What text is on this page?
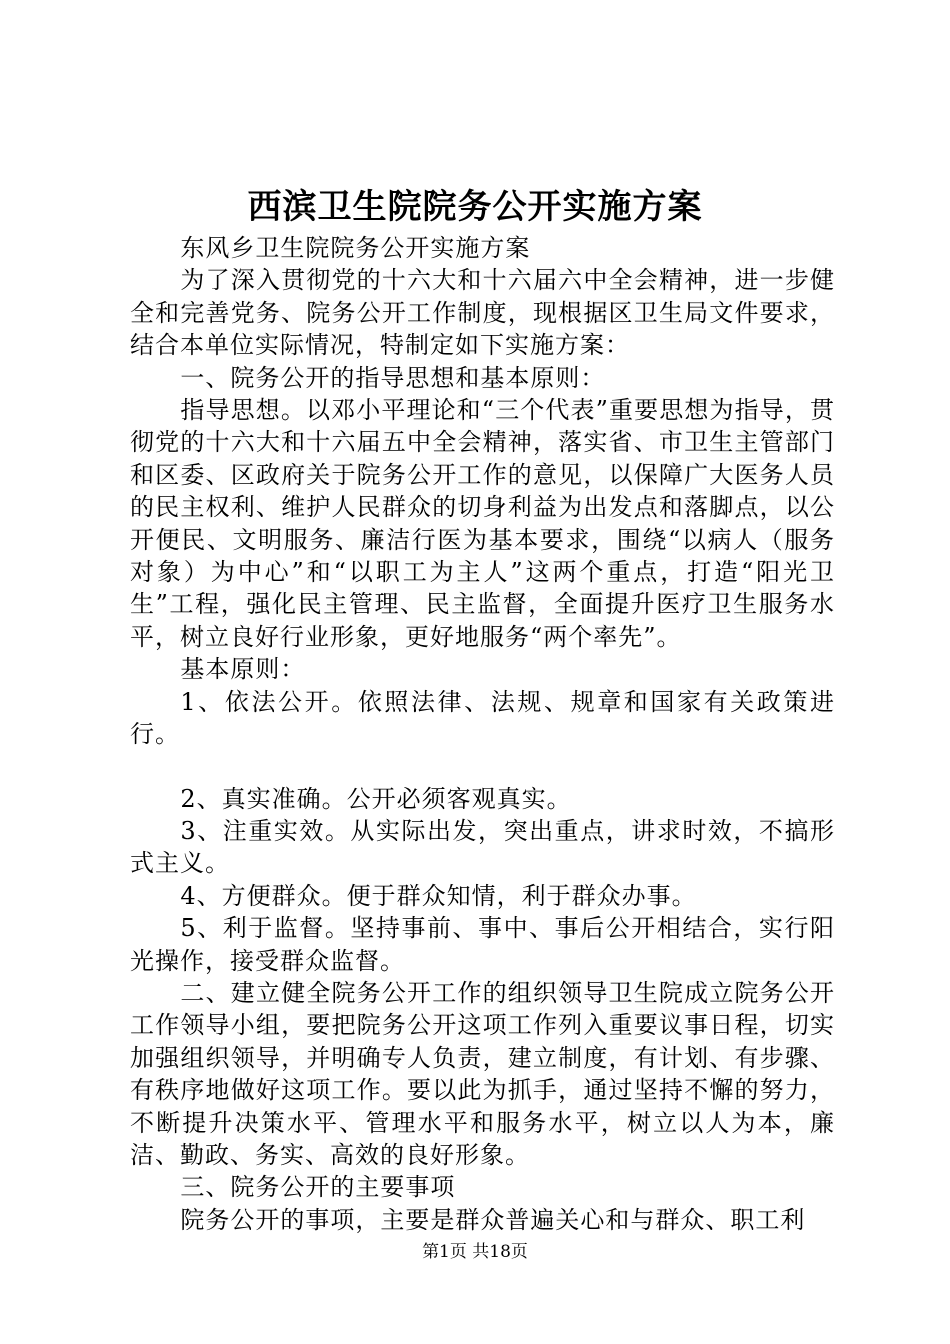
西滨卫生院院务公开实施方案

东风乡卫生院院务公开实施方案

为了深入贯彻党的十六大和十六届六中全会精神，进一步健全和完善党务、院务公开工作制度，现根据区卫生局文件要求，结合本单位实际情况，特制定如下实施方案：

一、院务公开的指导思想和基本原则：

指导思想。以邓小平理论和“三个代表”重要思想为指导，贯彻党的十六大和十六届五中全会精神，落实省、市卫生主管部门和区委、区政府关于院务公开工作的意见，以保障广大医务人员的民主权利、维护人民群众的切身利益为出发点和落脚点，以公开便民、文明服务、廉洁行医为基本要求，围绕“以病人（服务对象）为中心”和“以职工为主人”这两个重点，打造“阳光卫生”工程，强化民主管理、民主监督，全面提升医疗卫生服务水平，树立良好行业形象，更好地服务“两个率先”。

基本原则：

1、依法公开。依照法律、法规、规章和国家有关政策进行。

2、真实准确。公开必须客观真实。

3、注重实效。从实际出发，突出重点，讲求时效，不搞形式主义。

4、方便群众。便于群众知情，利于群众办事。

5、利于监督。坚持事前、事中、事后公开相结合，实行阳光操作，接受群众监督。

二、建立健全院务公开工作的组织领导卫生院成立院务公开工作领导小组，要把院务公开这项工作列入重要议事日程，切实加强组织领导，并明确专人负责，建立制度，有计划、有步骤、有秩序地做好这项工作。要以此为抓手，通过坚持不懈的努力，不断提升决策水平、管理水平和服务水平，树立以人为本，廉洁、勤政、务实、高效的良好形象。

三、院务公开的主要事项

院务公开的事项，主要是群众普遍关心和与群众、职工利

第1页 共18页
